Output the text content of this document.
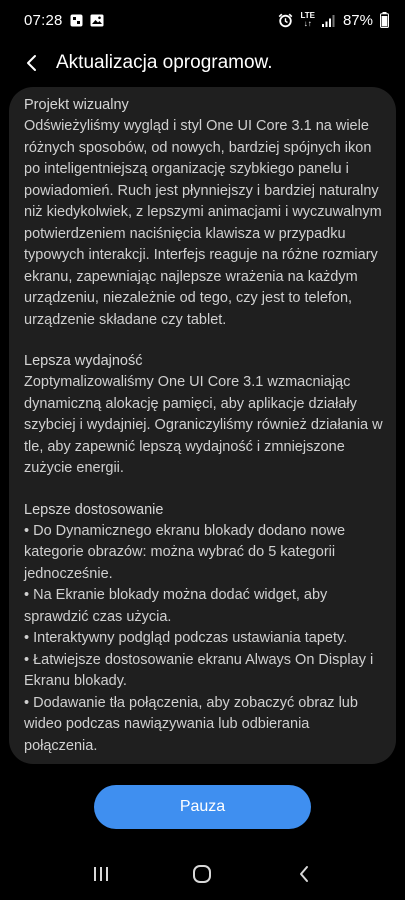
07:28	LTE
↓↑ 87%
Aktualizacja oprogramow.

Projekt wizualny

Odświeżyliśmy wygląd i styl One UI Core 3.1 na wiele różnych sposobów, od nowych, bardziej spójnych ikon po inteligentniejszą organizację szybkiego panelu i powiadomień. Ruch jest płynniejszy i bardziej naturalny niż kiedykolwiek, z lepszymi animacjami i wyczuwalnym potwierdzeniem naciśnięcia klawisza w przypadku typowych interakcji. Interfejs reaguje na różne rozmiary ekranu, zapewniając najlepsze wrażenia na każdym urządzeniu, niezależnie od tego, czy jest to telefon, urządzenie składane czy tablet.

Lepsza wydajność

Zoptymalizowaliśmy One UI Core 3.1 wzmacniając dynamiczną alokację pamięci, aby aplikacje działały szybciej i wydajniej. Ograniczyliśmy również działania w tle, aby zapewnić lepszą wydajność i zmniejszone zużycie energii.

Lepsze dostosowanie

• Do Dynamicznego ekranu blokady dodano nowe kategorie obrazów: można wybrać do 5 kategorii jednocześnie.

• Na Ekranie blokady można dodać widget, aby sprawdzić czas użycia.

• Interaktywny podgląd podczas ustawiania tapety.

• Łatwiejsze dostosowanie ekranu Always On Display i Ekranu blokady.

• Dodawanie tła połączenia, aby zobaczyć obraz lub wideo podczas nawiązywania lub odbierania połączenia.

Pauza
